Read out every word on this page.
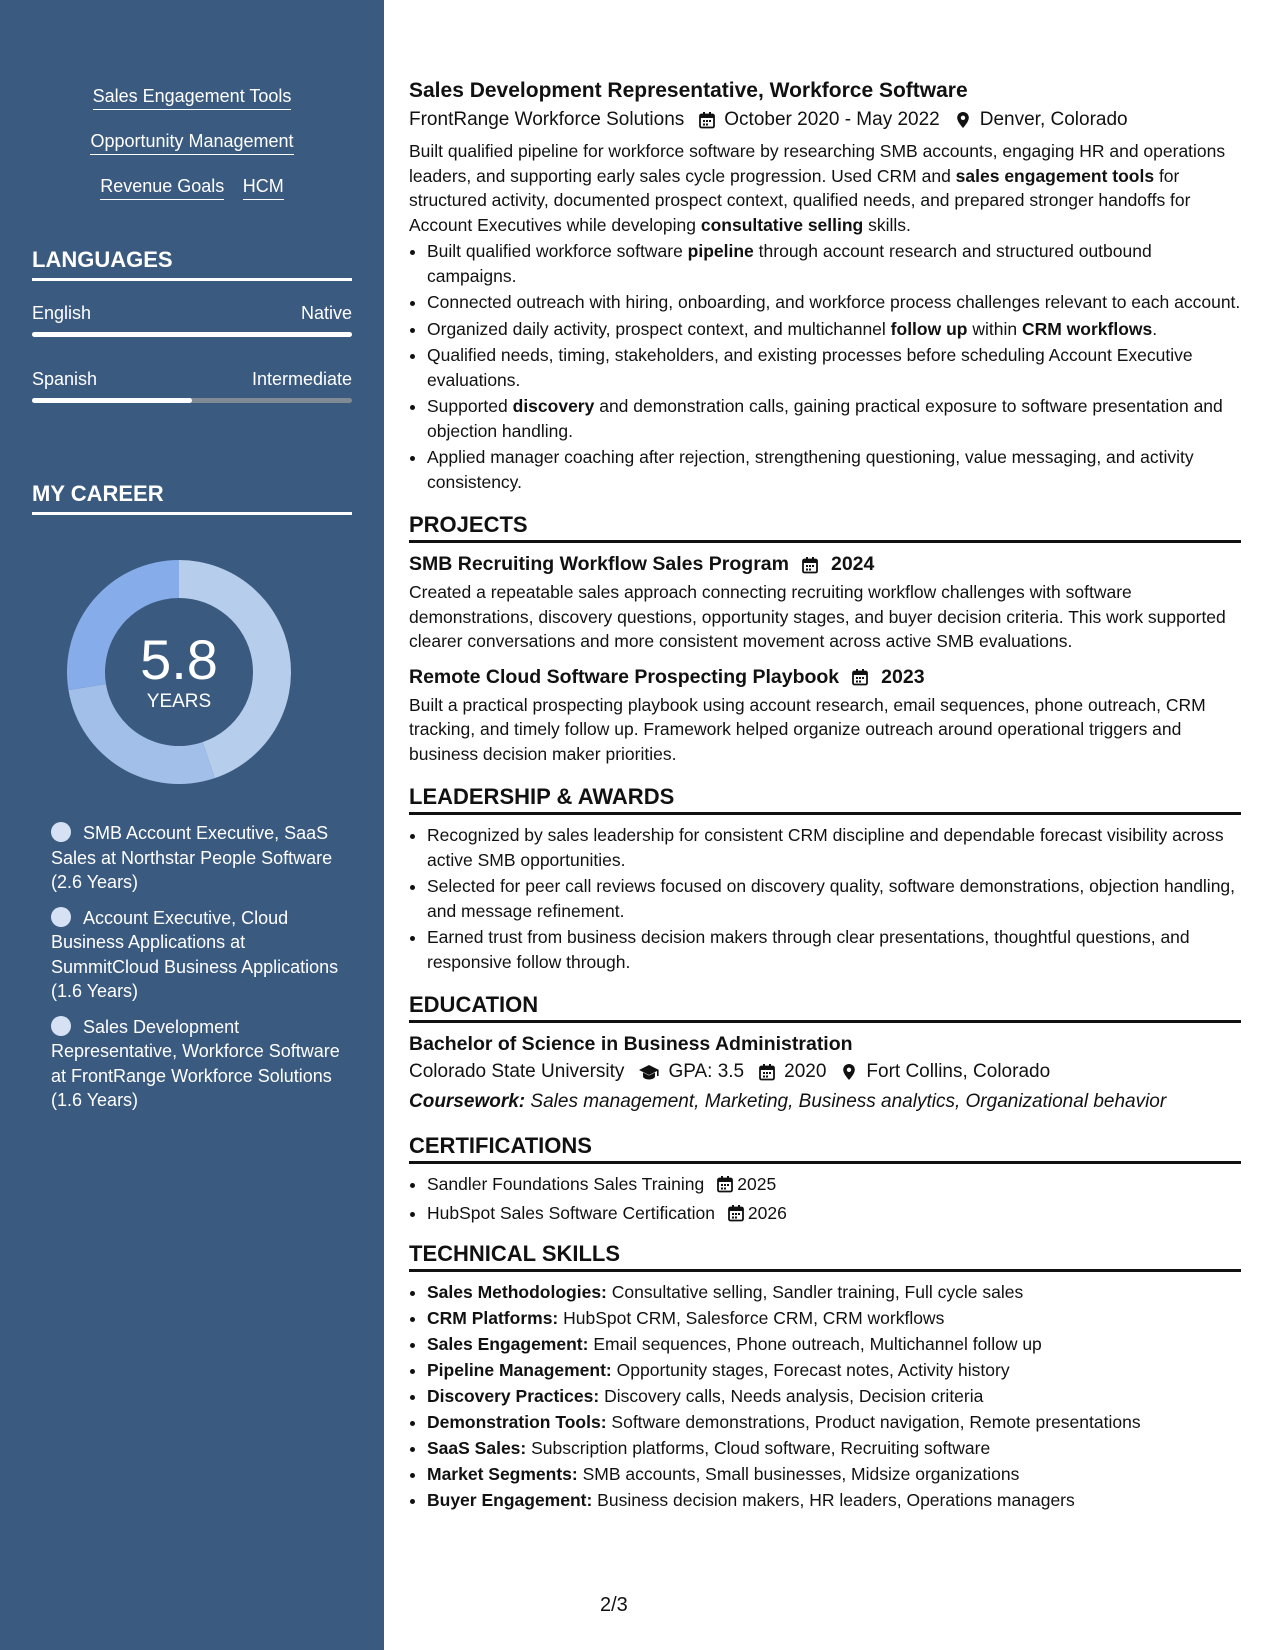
Sales Engagement Tools
Opportunity Management
Revenue Goals HCM
LANGUAGES
English	Native
Spanish	Intermediate
MY CAREER
5.8
YEARS
SMB Account Executive, SaaS Sales at Northstar People Software (2.6 Years)
Account Executive, Cloud Business Applications at SummitCloud Business Applications (1.6 Years)
Sales Development Representative, Workforce Software at FrontRange Workforce Solutions (1.6 Years)
Sales Development Representative, Workforce Software
FrontRange Workforce Solutions October 2020 - May 2022 Denver, Colorado
Built qualified pipeline for workforce software by researching SMB accounts, engaging HR and operations leaders, and supporting early sales cycle progression. Used CRM and sales engagement tools for structured activity, documented prospect context, qualified needs, and prepared stronger handoffs for Account Executives while developing consultative selling skills.
• Built qualified workforce software pipeline through account research and structured outbound campaigns.
• Connected outreach with hiring, onboarding, and workforce process challenges relevant to each account.
• Organized daily activity, prospect context, and multichannel follow up within CRM workflows.
• Qualified needs, timing, stakeholders, and existing processes before scheduling Account Executive evaluations.
• Supported discovery and demonstration calls, gaining practical exposure to software presentation and objection handling.
• Applied manager coaching after rejection, strengthening questioning, value messaging, and activity consistency.
PROJECTS
SMB Recruiting Workflow Sales Program 2024
Created a repeatable sales approach connecting recruiting workflow challenges with software demonstrations, discovery questions, opportunity stages, and buyer decision criteria. This work supported clearer conversations and more consistent movement across active SMB evaluations.
Remote Cloud Software Prospecting Playbook 2023
Built a practical prospecting playbook using account research, email sequences, phone outreach, CRM tracking, and timely follow up. Framework helped organize outreach around operational triggers and business decision maker priorities.
LEADERSHIP & AWARDS
• Recognized by sales leadership for consistent CRM discipline and dependable forecast visibility across active SMB opportunities.
• Selected for peer call reviews focused on discovery quality, software demonstrations, objection handling, and message refinement.
• Earned trust from business decision makers through clear presentations, thoughtful questions, and responsive follow through.
EDUCATION
Bachelor of Science in Business Administration
Colorado State University GPA: 3.5 2020 Fort Collins, Colorado
Coursework: Sales management, Marketing, Business analytics, Organizational behavior
CERTIFICATIONS
• Sandler Foundations Sales Training 2025
• HubSpot Sales Software Certification 2026
TECHNICAL SKILLS
• Sales Methodologies: Consultative selling, Sandler training, Full cycle sales
• CRM Platforms: HubSpot CRM, Salesforce CRM, CRM workflows
• Sales Engagement: Email sequences, Phone outreach, Multichannel follow up
• Pipeline Management: Opportunity stages, Forecast notes, Activity history
• Discovery Practices: Discovery calls, Needs analysis, Decision criteria
• Demonstration Tools: Software demonstrations, Product navigation, Remote presentations
• SaaS Sales: Subscription platforms, Cloud software, Recruiting software
• Market Segments: SMB accounts, Small businesses, Midsize organizations
• Buyer Engagement: Business decision makers, HR leaders, Operations managers
2/3
